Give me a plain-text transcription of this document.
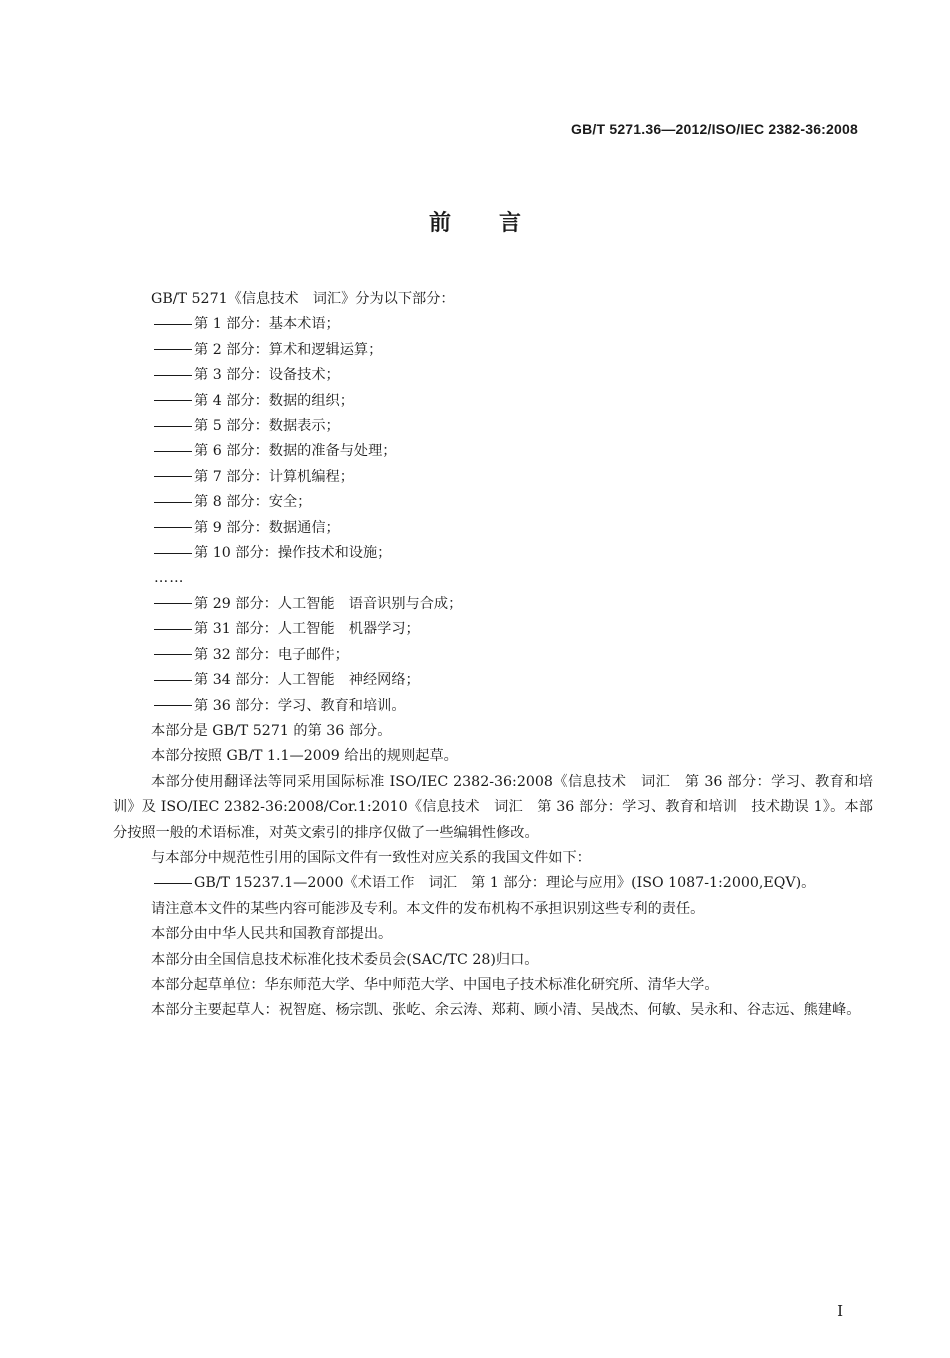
GB/T 5271.36—2012/ISO/IEC 2382-36:2008
前言

GB/T 5271《信息技术　词汇》分为以下部分：

第 1 部分：基本术语；

第 2 部分：算术和逻辑运算；

第 3 部分：设备技术；

第 4 部分：数据的组织；

第 5 部分：数据表示；

第 6 部分：数据的准备与处理；

第 7 部分：计算机编程；

第 8 部分：安全；

第 9 部分：数据通信；

第 10 部分：操作技术和设施；

……

第 29 部分：人工智能　语音识别与合成；

第 31 部分：人工智能　机器学习；

第 32 部分：电子邮件；

第 34 部分：人工智能　神经网络；

第 36 部分：学习、教育和培训。

本部分是 GB/T 5271 的第 36 部分。

本部分按照 GB/T 1.1—2009 给出的规则起草。

本部分使用翻译法等同采用国际标准 ISO/IEC 2382-36:2008《信息技术　词汇　第 36 部分：学习、教育和培训》及 ISO/IEC 2382-36:2008/Cor.1:2010《信息技术　词汇　第 36 部分：学习、教育和培训　技术勘误 1》。本部分按照一般的术语标准，对英文索引的排序仅做了一些编辑性修改。

与本部分中规范性引用的国际文件有一致性对应关系的我国文件如下：

GB/T 15237.1—2000《术语工作　词汇　第 1 部分：理论与应用》(ISO 1087-1:2000,EQV)。

请注意本文件的某些内容可能涉及专利。本文件的发布机构不承担识别这些专利的责任。

本部分由中华人民共和国教育部提出。

本部分由全国信息技术标准化技术委员会(SAC/TC 28)归口。

本部分起草单位：华东师范大学、华中师范大学、中国电子技术标准化研究所、清华大学。

本部分主要起草人：祝智庭、杨宗凯、张屹、余云涛、郑莉、顾小清、吴战杰、何敏、吴永和、谷志远、熊建峰。

I
